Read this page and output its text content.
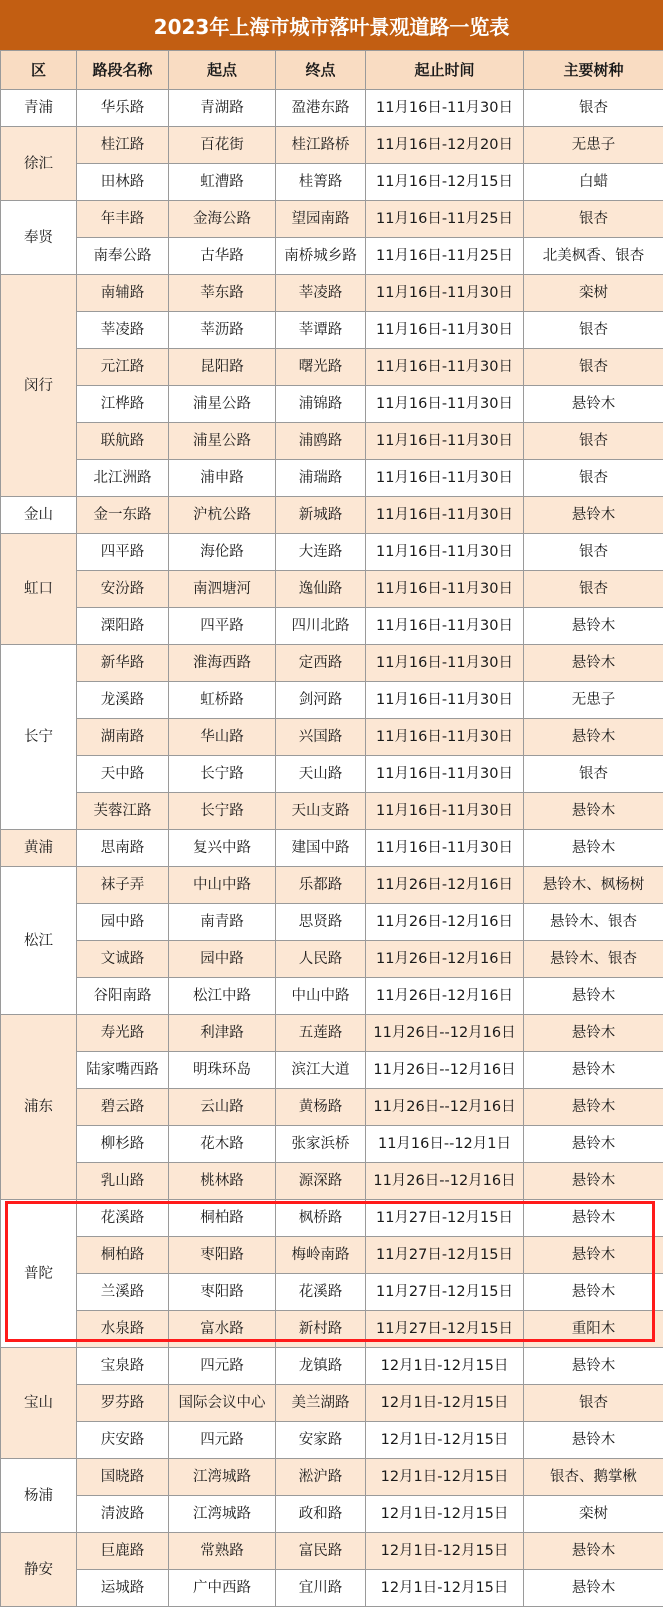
2023年上海市城市落叶景观道路一览表
区	路段名称	起点	终点	起止时间	主要树种
青浦	华乐路	青湖路	盈港东路	11月16日-11月30日	银杏
徐汇	桂江路	百花街	桂江路桥	11月16日-12月20日	无患子
	田林路	虹漕路	桂箐路	11月16日-12月15日	白蜡
奉贤	年丰路	金海公路	望园南路	11月16日-11月25日	银杏
	南奉公路	古华路	南桥城乡路	11月16日-11月25日	北美枫香、银杏
闵行	南辅路	莘东路	莘凌路	11月16日-11月30日	栾树
	莘凌路	莘沥路	莘谭路	11月16日-11月30日	银杏
	元江路	昆阳路	曙光路	11月16日-11月30日	银杏
	江桦路	浦星公路	浦锦路	11月16日-11月30日	悬铃木
	联航路	浦星公路	浦鸥路	11月16日-11月30日	银杏
	北江洲路	浦申路	浦瑞路	11月16日-11月30日	银杏
金山	金一东路	沪杭公路	新城路	11月16日-11月30日	悬铃木
虹口	四平路	海伦路	大连路	11月16日-11月30日	银杏
	安汾路	南泗塘河	逸仙路	11月16日-11月30日	银杏
	溧阳路	四平路	四川北路	11月16日-11月30日	悬铃木
长宁	新华路	淮海西路	定西路	11月16日-11月30日	悬铃木
	龙溪路	虹桥路	剑河路	11月16日-11月30日	无患子
	湖南路	华山路	兴国路	11月16日-11月30日	悬铃木
	天中路	长宁路	天山路	11月16日-11月30日	银杏
	芙蓉江路	长宁路	天山支路	11月16日-11月30日	悬铃木
黄浦	思南路	复兴中路	建国中路	11月16日-11月30日	悬铃木
松江	袜子弄	中山中路	乐都路	11月26日-12月16日	悬铃木、枫杨树
	园中路	南青路	思贤路	11月26日-12月16日	悬铃木、银杏
	文诚路	园中路	人民路	11月26日-12月16日	悬铃木、银杏
	谷阳南路	松江中路	中山中路	11月26日-12月16日	悬铃木
浦东	寿光路	利津路	五莲路	11月26日--12月16日	悬铃木
	陆家嘴西路	明珠环岛	滨江大道	11月26日--12月16日	悬铃木
	碧云路	云山路	黄杨路	11月26日--12月16日	悬铃木
	柳杉路	花木路	张家浜桥	11月16日--12月1日	悬铃木
	乳山路	桃林路	源深路	11月26日--12月16日	悬铃木
普陀	花溪路	桐柏路	枫桥路	11月27日-12月15日	悬铃木
	桐柏路	枣阳路	梅岭南路	11月27日-12月15日	悬铃木
	兰溪路	枣阳路	花溪路	11月27日-12月15日	悬铃木
	水泉路	富水路	新村路	11月27日-12月15日	重阳木
宝山	宝泉路	四元路	龙镇路	12月1日-12月15日	悬铃木
	罗芬路	国际会议中心	美兰湖路	12月1日-12月15日	银杏
	庆安路	四元路	安家路	12月1日-12月15日	悬铃木
杨浦	国晓路	江湾城路	淞沪路	12月1日-12月15日	银杏、鹅掌楸
	清波路	江湾城路	政和路	12月1日-12月15日	栾树
静安	巨鹿路	常熟路	富民路	12月1日-12月15日	悬铃木
	运城路	广中西路	宜川路	12月1日-12月15日	悬铃木
